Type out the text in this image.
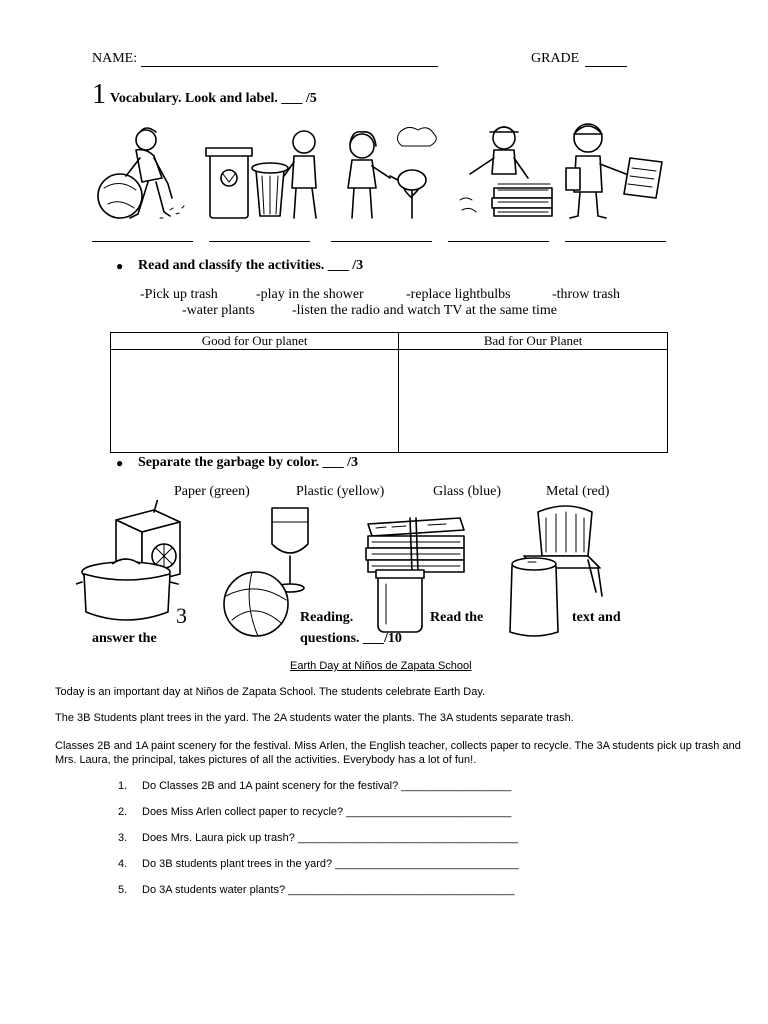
NAME:	GRADE
1 Vocabulary. Look and label. ___ /5
● Read and classify the activities. ___ /3
-Pick up trash	-play in the shower	-replace lightbulbs	-throw trash
-water plants	-listen the radio and watch TV at the same time
Good for Our planet	Bad for Our Planet

● Separate the garbage by color. ___ /3
Paper (green)	Plastic (yellow)	Glass (blue)	Metal (red)
3	Reading.	Read the	text and
answer the	questions. ___/10
Earth Day at Niños de Zapata School
Today is an important day at Niños de Zapata School. The students celebrate Earth Day.
The 3B Students plant trees in the yard. The 2A students water the plants. The 3A students separate trash.
Classes 2B and 1A paint scenery for the festival. Miss Arlen, the English teacher, collects paper to recycle. The 3A students pick up trash and Mrs. Laura, the principal, takes pictures of all the activities. Everybody has a lot of fun!.
1. Do Classes 2B and 1A paint scenery for the festival? __________________
2. Does Miss Arlen collect paper to recycle? ___________________________
3. Does Mrs. Laura pick up trash? ____________________________________
4. Do 3B students plant trees in the yard? ______________________________
5. Do 3A students water plants? _____________________________________
